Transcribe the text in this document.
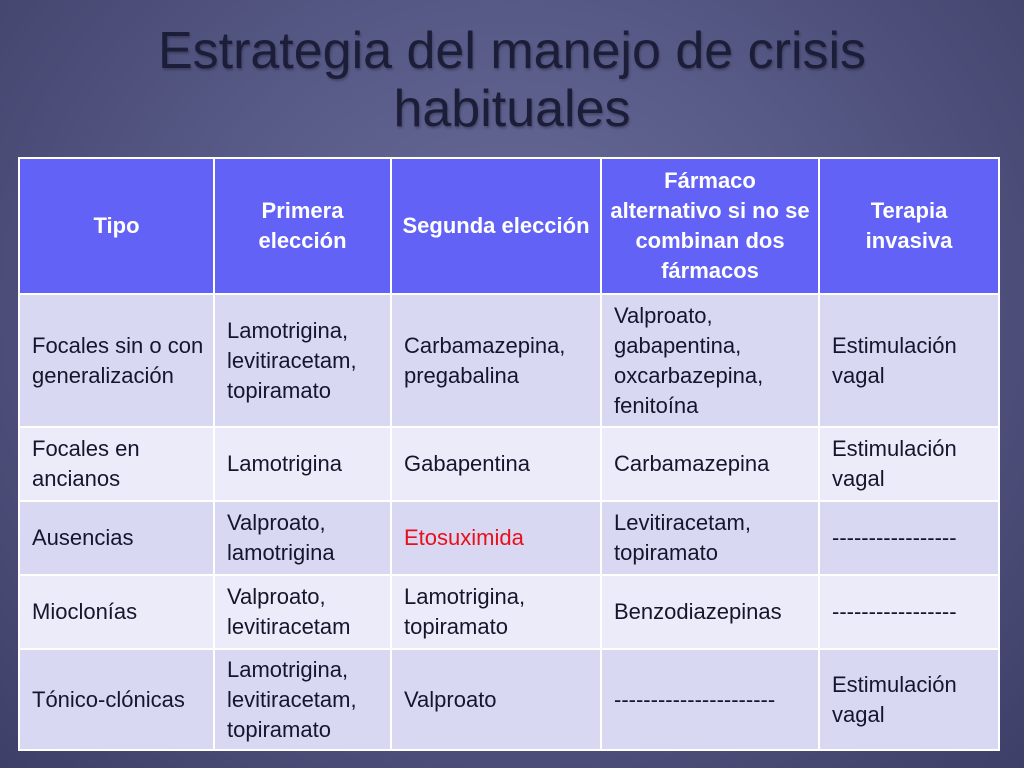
Estrategia del manejo de crisis
habituales
Tipo	Primera elección	Segunda elección	Fármaco alternativo si no se combinan dos fármacos	Terapia invasiva
Focales sin o con generalización	Lamotrigina, levitiracetam, topiramato	Carbamazepina, pregabalina	Valproato, gabapentina, oxcarbazepina, fenitoína	Estimulación vagal
Focales en ancianos	Lamotrigina	Gabapentina	Carbamazepina	Estimulación vagal
Ausencias	Valproato, lamotrigina	Etosuximida	Levitiracetam, topiramato	-----------------
Mioclonías	Valproato, levitiracetam	Lamotrigina, topiramato	Benzodiazepinas	-----------------
Tónico-clónicas	Lamotrigina, levitiracetam, topiramato	Valproato	----------------------	Estimulación vagal
